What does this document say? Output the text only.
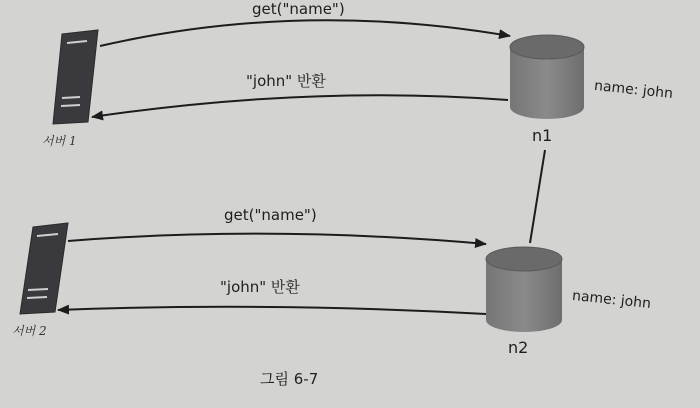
get("name")
"john" 반환
get("name")
"john" 반환
서버 1
서버 2
n1
n2
name: john
name: john
그림 6-7
